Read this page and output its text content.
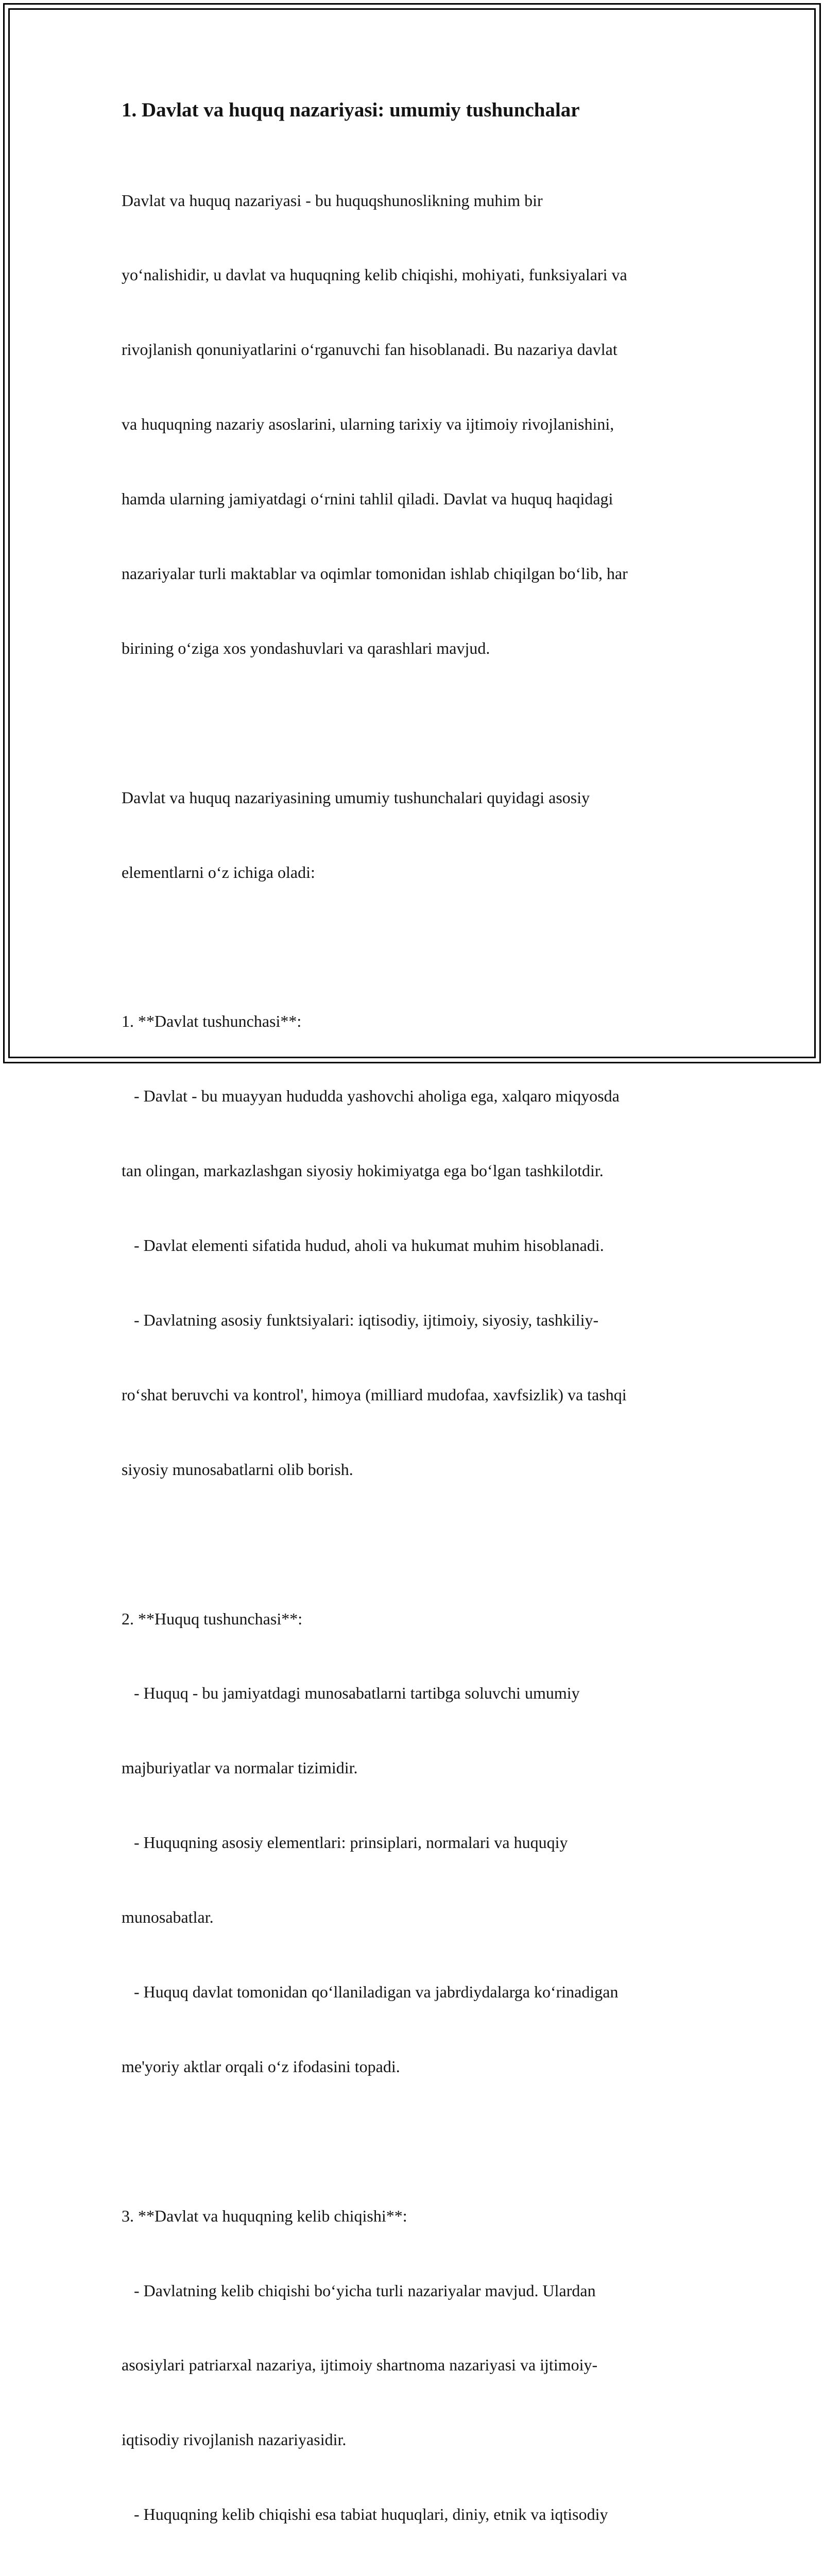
1. Davlat va huquq nazariyasi: umumiy tushunchalar

Davlat va huquq nazariyasi - bu huquqshunoslikning muhim bir

yoʻnalishidir, u davlat va huquqning kelib chiqishi, mohiyati, funksiyalari va

rivojlanish qonuniyatlarini oʻrganuvchi fan hisoblanadi. Bu nazariya davlat

va huquqning nazariy asoslarini, ularning tarixiy va ijtimoiy rivojlanishini,

hamda ularning jamiyatdagi oʻrnini tahlil qiladi. Davlat va huquq haqidagi

nazariyalar turli maktablar va oqimlar tomonidan ishlab chiqilgan boʻlib, har

birining oʻziga xos yondashuvlari va qarashlari mavjud.

Davlat va huquq nazariyasining umumiy tushunchalari quyidagi asosiy

elementlarni oʻz ichiga oladi:

1. **Davlat tushunchasi**:

- Davlat - bu muayyan hududda yashovchi aholiga ega, xalqaro miqyosda

tan olingan, markazlashgan siyosiy hokimiyatga ega boʻlgan tashkilotdir.

- Davlat elementi sifatida hudud, aholi va hukumat muhim hisoblanadi.

- Davlatning asosiy funktsiyalari: iqtisodiy, ijtimoiy, siyosiy, tashkiliy-

roʻshat beruvchi va kontrol', himoya (milliard mudofaa, xavfsizlik) va tashqi

siyosiy munosabatlarni olib borish.

2. **Huquq tushunchasi**:

- Huquq - bu jamiyatdagi munosabatlarni tartibga soluvchi umumiy

majburiyatlar va normalar tizimidir.

- Huquqning asosiy elementlari: prinsiplari, normalari va huquqiy

munosabatlar.

- Huquq davlat tomonidan qoʻllaniladigan va jabrdiydalarga koʻrinadigan

me'yoriy aktlar orqali oʻz ifodasini topadi.

3. **Davlat va huquqning kelib chiqishi**:

- Davlatning kelib chiqishi boʻyicha turli nazariyalar mavjud. Ulardan

asosiylari patriarxal nazariya, ijtimoiy shartnoma nazariyasi va ijtimoiy-

iqtisodiy rivojlanish nazariyasidir.

- Huquqning kelib chiqishi esa tabiat huquqlari, diniy, etnik va iqtisodiy
